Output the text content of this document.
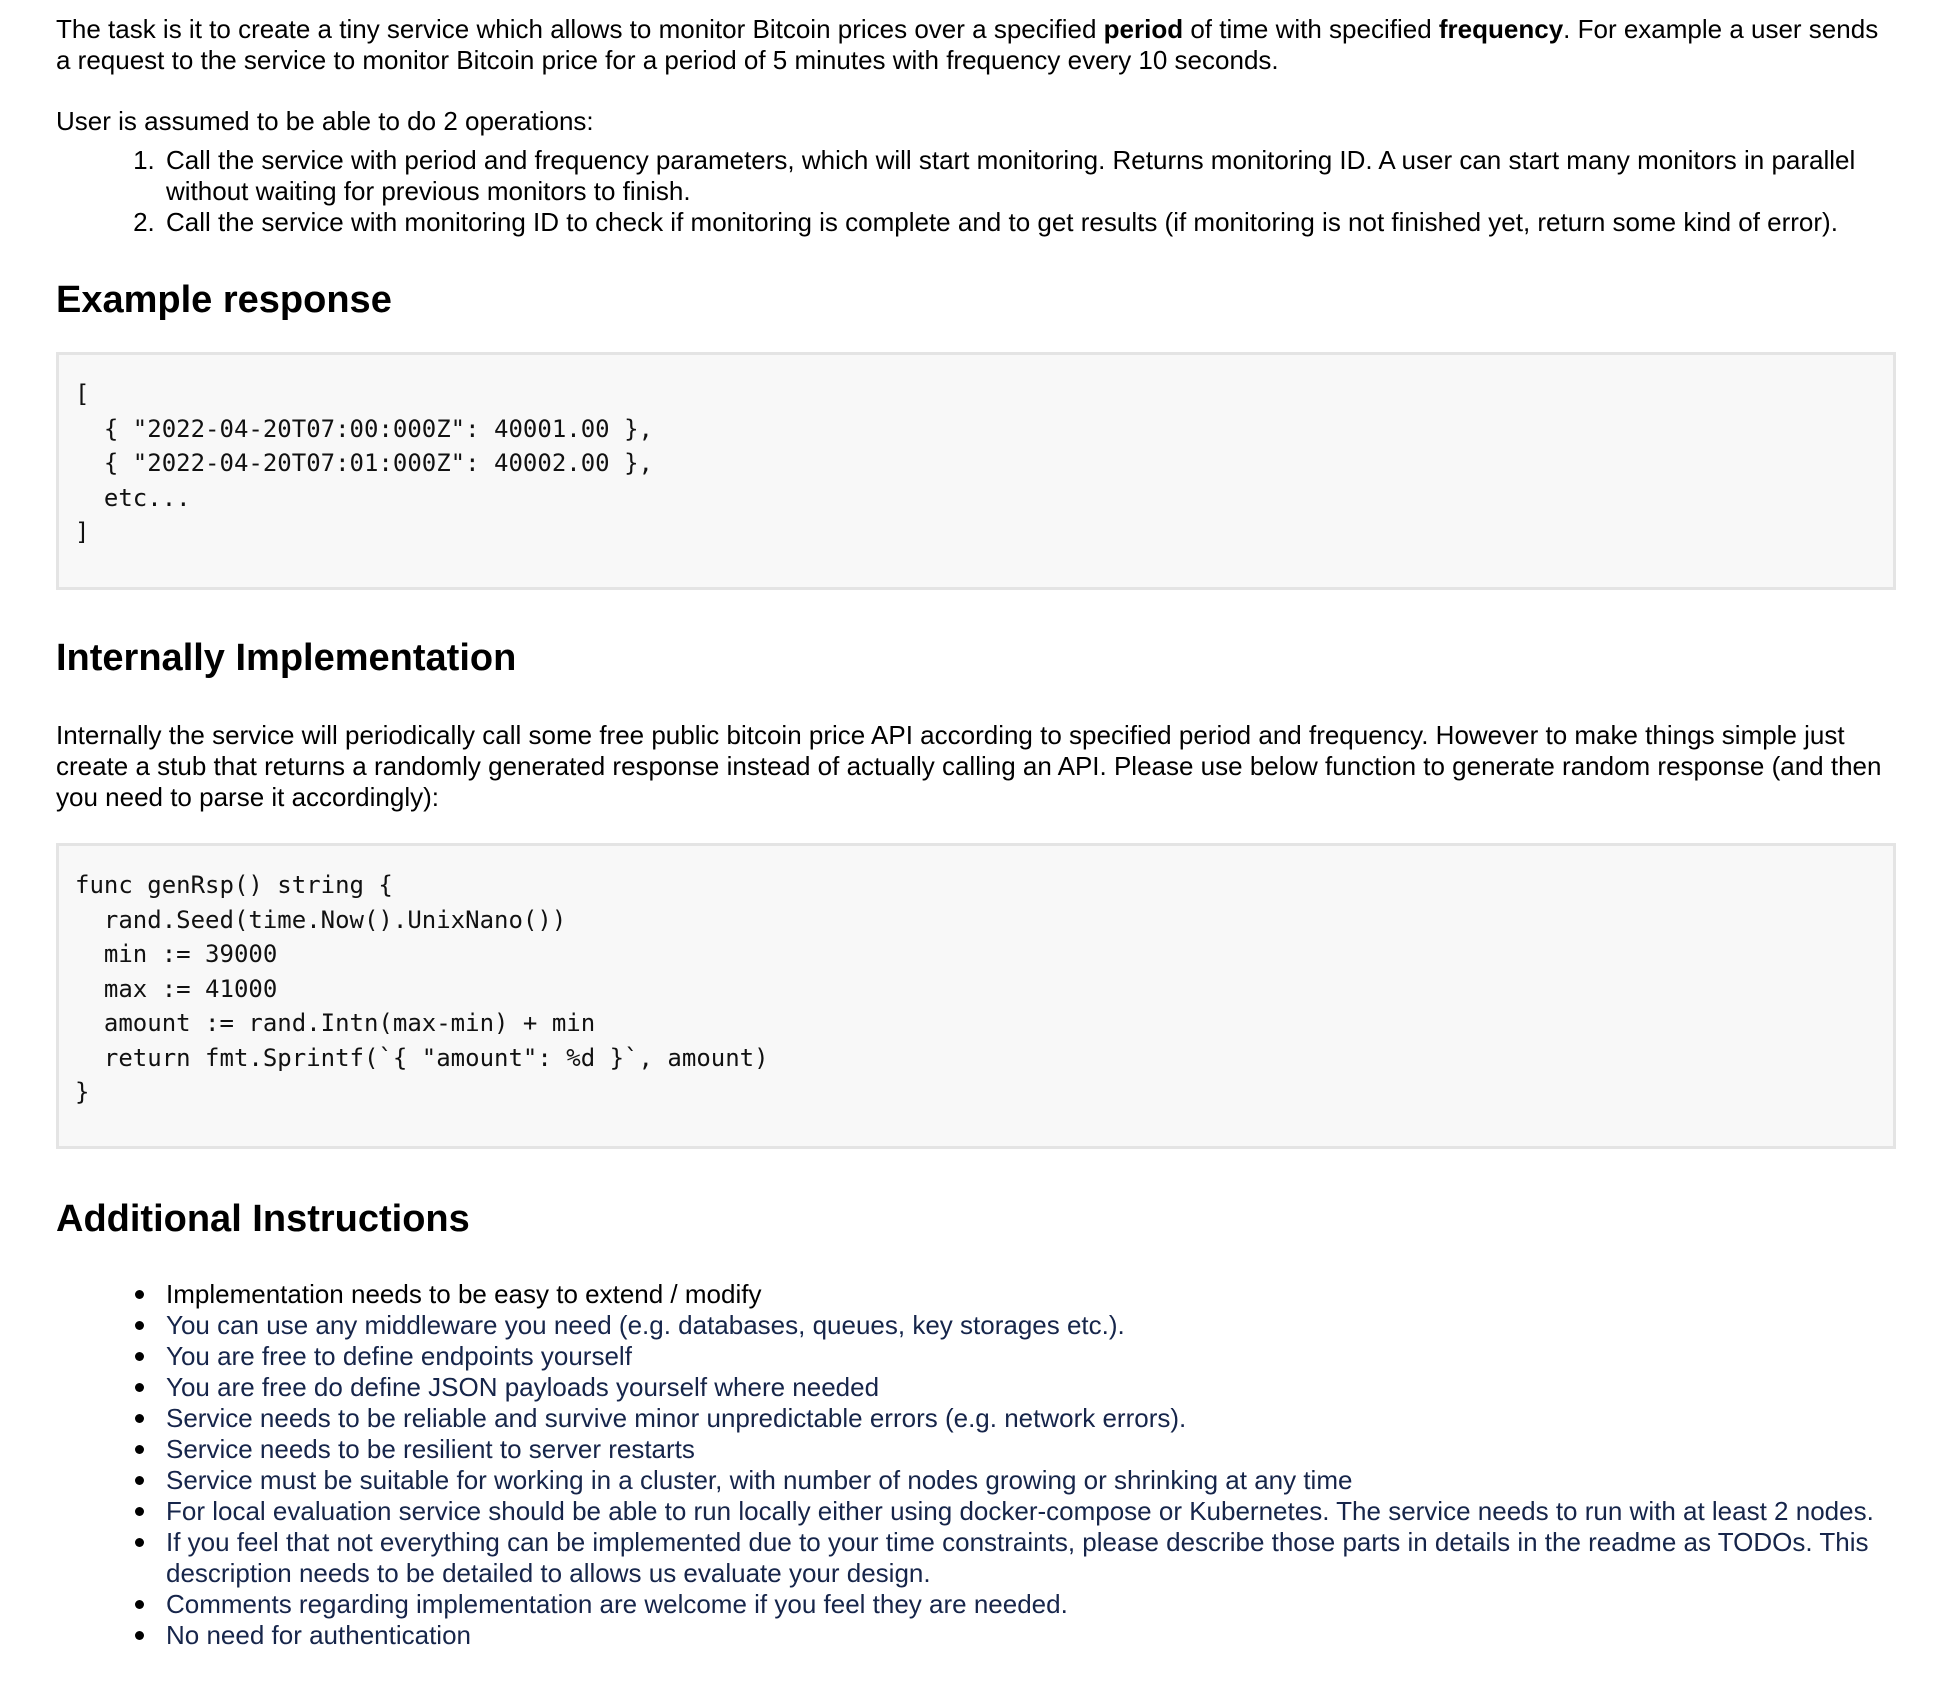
The task is it to create a tiny service which allows to monitor Bitcoin prices over a specified period of time with specified frequency. For example a user sends a request to the service to monitor Bitcoin price for a period of 5 minutes with frequency every 10 seconds.

User is assumed to be able to do 2 operations:

1. Call the service with period and frequency parameters, which will start monitoring. Returns monitoring ID. A user can start many monitors in parallel without waiting for previous monitors to finish.
2. Call the service with monitoring ID to check if monitoring is complete and to get results (if monitoring is not finished yet, return some kind of error).
Example response
[
{ "2022-04-20T07:00:000Z": 40001.00 },
{ "2022-04-20T07:01:000Z": 40002.00 },
etc...
]
Internally Implementation

Internally the service will periodically call some free public bitcoin price API according to specified period and frequency. However to make things simple just create a stub that returns a randomly generated response instead of actually calling an API. Please use below function to generate random response (and then you need to parse it accordingly):

func genRsp() string {
rand.Seed(time.Now().UnixNano())
min := 39000
max := 41000
amount := rand.Intn(max-min) + min
return fmt.Sprintf(`{ "amount": %d }`, amount)
}
Additional Instructions
Implementation needs to be easy to extend / modify
You can use any middleware you need (e.g. databases, queues, key storages etc.).
You are free to define endpoints yourself
You are free do define JSON payloads yourself where needed
Service needs to be reliable and survive minor unpredictable errors (e.g. network errors).
Service needs to be resilient to server restarts
Service must be suitable for working in a cluster, with number of nodes growing or shrinking at any time
For local evaluation service should be able to run locally either using docker-compose or Kubernetes. The service needs to run with at least 2 nodes.
If you feel that not everything can be implemented due to your time constraints, please describe those parts in details in the readme as TODOs. This description needs to be detailed to allows us evaluate your design.
Comments regarding implementation are welcome if you feel they are needed.
No need for authentication
